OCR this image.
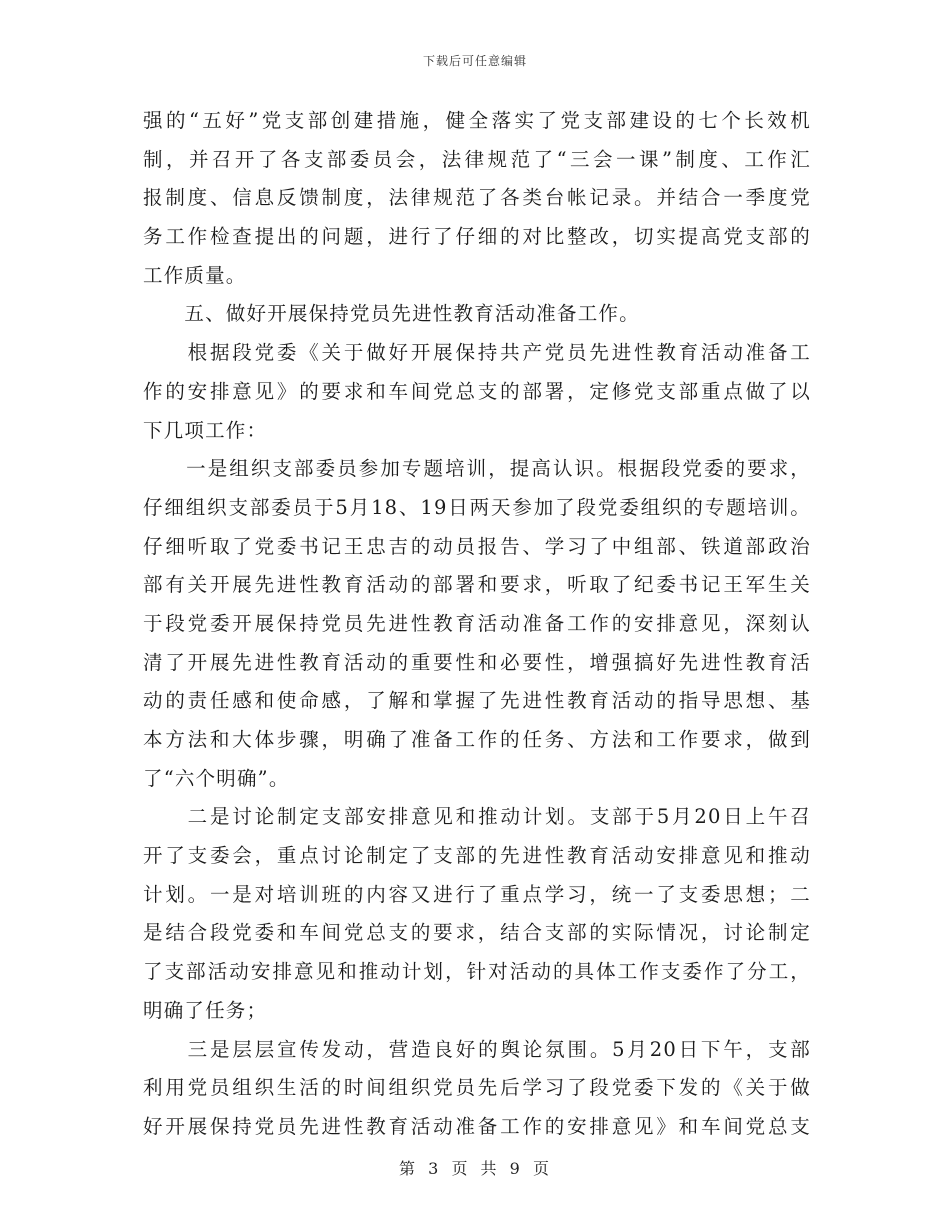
下载后可任意编辑
强的“五好”党支部创建措施，健全落实了党支部建设的七个长效机
制，并召开了各支部委员会，法律规范了“三会一课”制度、工作汇
报制度、信息反馈制度，法律规范了各类台帐记录。并结合一季度党
务工作检查提出的问题，进行了仔细的对比整改，切实提高党支部的
工作质量。
　　五、做好开展保持党员先进性教育活动准备工作。
　　根据段党委《关于做好开展保持共产党员先进性教育活动准备工
作的安排意见》的要求和车间党总支的部署，定修党支部重点做了以
下几项工作：
　　一是组织支部委员参加专题培训，提高认识。根据段党委的要求，
仔细组织支部委员于5月18、19日两天参加了段党委组织的专题培训。
仔细听取了党委书记王忠吉的动员报告、学习了中组部、铁道部政治
部有关开展先进性教育活动的部署和要求，听取了纪委书记王军生关
于段党委开展保持党员先进性教育活动准备工作的安排意见，深刻认
清了开展先进性教育活动的重要性和必要性，增强搞好先进性教育活
动的责任感和使命感，了解和掌握了先进性教育活动的指导思想、基
本方法和大体步骤，明确了准备工作的任务、方法和工作要求，做到
了“六个明确”。
　　二是讨论制定支部安排意见和推动计划。支部于5月20日上午召
开了支委会，重点讨论制定了支部的先进性教育活动安排意见和推动
计划。一是对培训班的内容又进行了重点学习，统一了支委思想；二
是结合段党委和车间党总支的要求，结合支部的实际情况，讨论制定
了支部活动安排意见和推动计划，针对活动的具体工作支委作了分工，
明确了任务；
　　三是层层宣传发动，营造良好的舆论氛围。5月20日下午，支部
利用党员组织生活的时间组织党员先后学习了段党委下发的《关于做
好开展保持党员先进性教育活动准备工作的安排意见》和车间党总支
第 3 页 共 9 页
